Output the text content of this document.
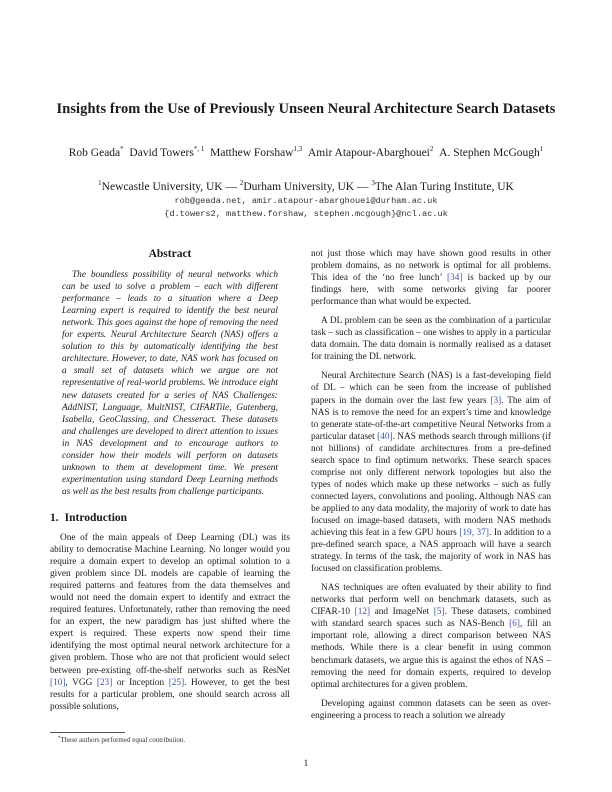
Insights from the Use of Previously Unseen Neural Architecture Search Datasets
Rob Geada*  David Towers$^{*, 1}$  Matthew Forshaw$^{1,3}$  Amir Atapour-Abarghouei$^2$  A. Stephen McGough$^1$
$^1$Newcastle University, UK — $^2$Durham University, UK — $^3$The Alan Turing Institute, UK
rob@geada.net, amir.atapour-abarghouei@durham.ac.uk
{d.towers2, matthew.forshaw, stephen.mcgough}@ncl.ac.uk
Abstract

The boundless possibility of neural networks which can be used to solve a problem – each with different performance – leads to a situation where a Deep Learning expert is required to identify the best neural network. This goes against the hope of removing the need for experts. Neural Architecture Search (NAS) offers a solution to this by automatically identifying the best architecture. However, to date, NAS work has focused on a small set of datasets which we argue are not representative of real-world problems. We introduce eight new datasets created for a series of NAS Challenges: AddNIST, Language, MultNIST, CIFARTile, Gutenberg, Isabella, GeoClassing, and Chesseract. These datasets and challenges are developed to direct attention to issues in NAS development and to encourage authors to consider how their models will perform on datasets unknown to them at development time. We present experimentation using standard Deep Learning methods as well as the best results from challenge participants.

1. Introduction

One of the main appeals of Deep Learning (DL) was its ability to democratise Machine Learning. No longer would you require a domain expert to develop an optimal solution to a given problem since DL models are capable of learning the required patterns and features from the data themselves and would not need the domain expert to identify and extract the required features. Unfortunately, rather than removing the need for an expert, the new paradigm has just shifted where the expert is required. These experts now spend their time identifying the most optimal neural network architecture for a given problem. Those who are not that proficient would select between pre-existing off-the-shelf networks such as ResNet [10], VGG [23] or Inception [25]. However, to get the best results for a particular problem, one should search across all possible solutions,

not just those which may have shown good results in other problem domains, as no network is optimal for all problems. This idea of the ‘no free lunch’ [34] is backed up by our findings here, with some networks giving far poorer performance than what would be expected.

A DL problem can be seen as the combination of a particular task – such as classification – one wishes to apply in a particular data domain. The data domain is normally realised as a dataset for training the DL network.

Neural Architecture Search (NAS) is a fast-developing field of DL – which can be seen from the increase of published papers in the domain over the last few years [3]. The aim of NAS is to remove the need for an expert’s time and knowledge to generate state-of-the-art competitive Neural Networks from a particular dataset [40]. NAS methods search through millions (if not billions) of candidate architectures from a pre-defined search space to find optimum networks. These search spaces comprise not only different network topologies but also the types of nodes which make up these networks – such as fully connected layers, convolutions and pooling. Although NAS can be applied to any data modality, the majority of work to date has focused on image-based datasets, with modern NAS methods achieving this feat in a few GPU hours [19, 37]. In addition to a pre-defined search space, a NAS approach will have a search strategy. In terms of the task, the majority of work in NAS has focused on classification problems.

NAS techniques are often evaluated by their ability to find networks that perform well on benchmark datasets, such as CIFAR-10 [12] and ImageNet [5]. These datasets, combined with standard search spaces such as NAS-Bench [6], fill an important role, allowing a direct comparison between NAS methods. While there is a clear benefit in using common benchmark datasets, we argue this is against the ethos of NAS – removing the need for domain experts, required to develop optimal architectures for a given problem.

Developing against common datasets can be seen as over-engineering a process to reach a solution we already

*These authors performed equal contribution.
1
